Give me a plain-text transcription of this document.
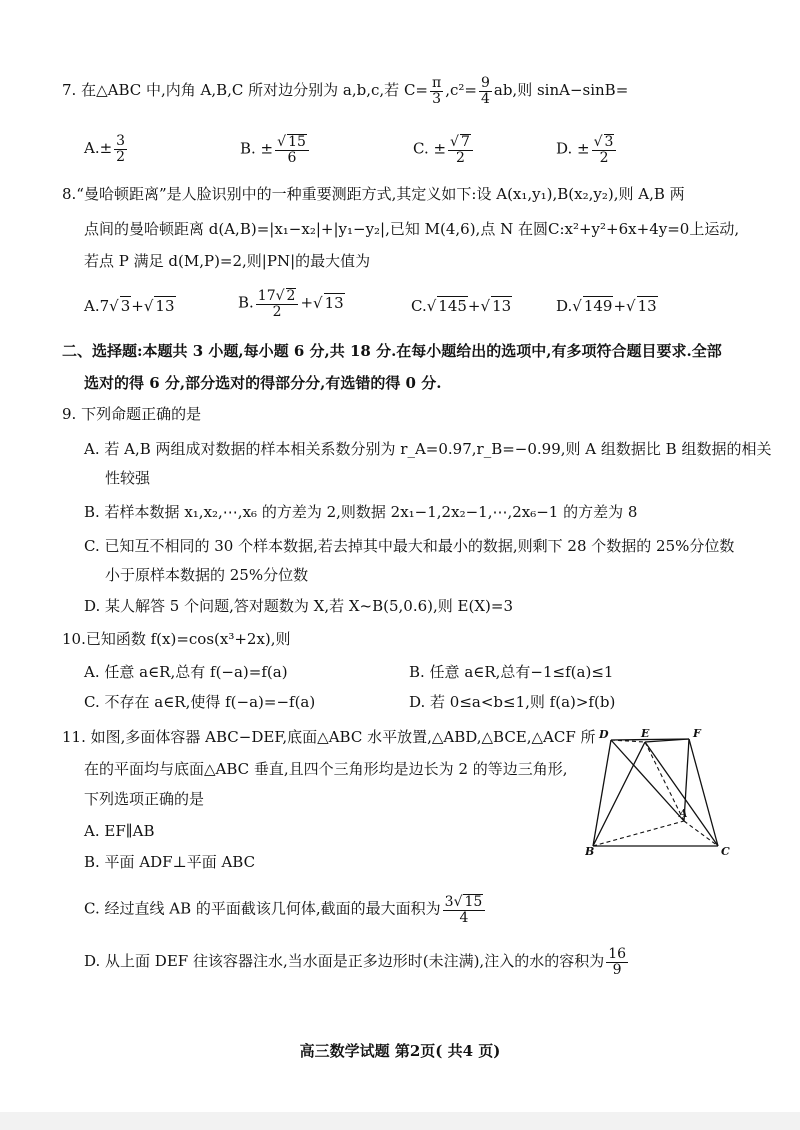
7. 在△ABC 中,内角 A,B,C 所对边分别为 a,b,c,若 $C= \frac{\pi}{3} ,c^2= \frac{9}{4}$ ab,则 sinA−sinB=
$A.\pm \frac{3}{2}$	B. ± √ $\frac{15}{6}$	C. ± √ $\frac{7}{2}$	D. ± √ $\frac{3}{2}$
8.“曼哈顿距离”是人脸识别中的一种重要测距方式,其定义如下:设 A(x₁,y₁),B(x₂,y₂),则 A,B 两
点间的曼哈顿距离 d(A,B)=|x₁−x₂|+|y₁−y₂|,已知 M(4,6),点 N 在圆C:x²+y²+6x+4y=0上运动,
若点 P 满足 d(M,P)=2,则|PN|的最大值为
A.7 √ 3+ √ 13	B. $\frac{17 √ 2}{2}$ + √ 13	C. √ 145+ √ 13	D. √ 149+ √ 13
二、选择题:本题共 3 小题,每小题 6 分,共 18 分.在每小题给出的选项中,有多项符合题目要求.全部
选对的得 6 分,部分选对的得部分分,有选错的得 0 分.
9. 下列命题正确的是
A. 若 A,B 两组成对数据的样本相关系数分别为 r_A=0.97,r_B=−0.99,则 A 组数据比 B 组数据的相关
性较强
B. 若样本数据 x₁,x₂,⋯,x₆ 的方差为 2,则数据 2x₁−1,2x₂−1,⋯,2x₆−1 的方差为 8
C. 已知互不相同的 30 个样本数据,若去掉其中最大和最小的数据,则剩下 28 个数据的 25%分位数
小于原样本数据的 25%分位数
D. 某人解答 5 个问题,答对题数为 X,若 X~B(5,0.6),则 E(X)=3
10.已知函数 f(x)=cos(x³+2x),则
A. 任意 a∈R,总有 f(−a)=f(a)	B. 任意 a∈R,总有−1≤f(a)≤1
C. 不存在 a∈R,使得 f(−a)=−f(a)	D. 若 0≤a<b≤1,则 f(a)>f(b)
11. 如图,多面体容器 ABC−DEF,底面△ABC 水平放置,△ABD,△BCE,△ACF 所
在的平面均与底面△ABC 垂直,且四个三角形均是边长为 2 的等边三角形,
下列选项正确的是
A. EF∥AB
B. 平面 ADF⊥平面 ABC
C. 经过直线 AB 的平面截该几何体,截面的最大面积为 $\frac{3 √ 15}{4}$
D. 从上面 DEF 往该容器注水,当水面是正多边形时(未注满),注入的水的容积为 $\frac{16}{9}$
D	E	F
A
B	C
高三数学试题 第2页( 共4 页)
